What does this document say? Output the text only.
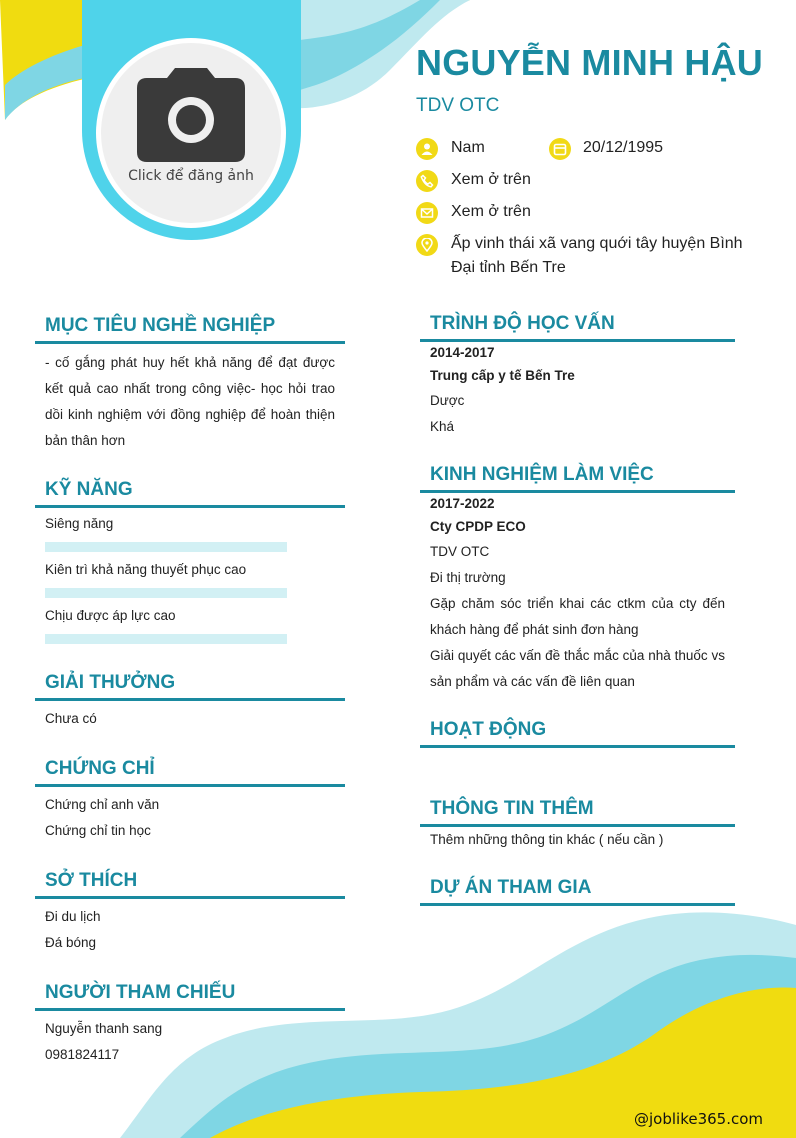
Click để đăng ảnh
NGUYỄN MINH HẬU
TDV OTC
Nam	20/12/1995
Xem ở trên
Xem ở trên
Ấp vinh thái xã vang quới tây huyện Bình Đại tỉnh Bến Tre
MỤC TIÊU NGHỀ NGHIỆP
- cố gắng phát huy hết khả năng để đạt được kết quả cao nhất trong công việc- học hỏi trao dồi kinh nghiệm với đồng nghiệp để hoàn thiện bản thân hơn
KỸ NĂNG
Siêng năng
Kiên trì khả năng thuyết phục cao
Chịu được áp lực cao
GIẢI THƯỞNG
Chưa có
CHỨNG CHỈ
Chứng chỉ anh văn
Chứng chỉ tin học
SỞ THÍCH
Đi du lịch
Đá bóng
NGƯỜI THAM CHIẾU
Nguyễn thanh sang
0981824117
TRÌNH ĐỘ HỌC VẤN
2014-2017
Trung cấp y tế Bến Tre
Dược
Khá
KINH NGHIỆM LÀM VIỆC
2017-2022
Cty CPDP ECO
TDV OTC
Đi thị trường
Gặp chăm sóc triển khai các ctkm của cty đến khách hàng để phát sinh đơn hàng
Giải quyết các vấn đề thắc mắc của nhà thuốc vs sản phẩm và các vấn đề liên quan
HOẠT ĐỘNG
THÔNG TIN THÊM
Thêm những thông tin khác ( nếu cần )
DỰ ÁN THAM GIA
@joblike365.com
